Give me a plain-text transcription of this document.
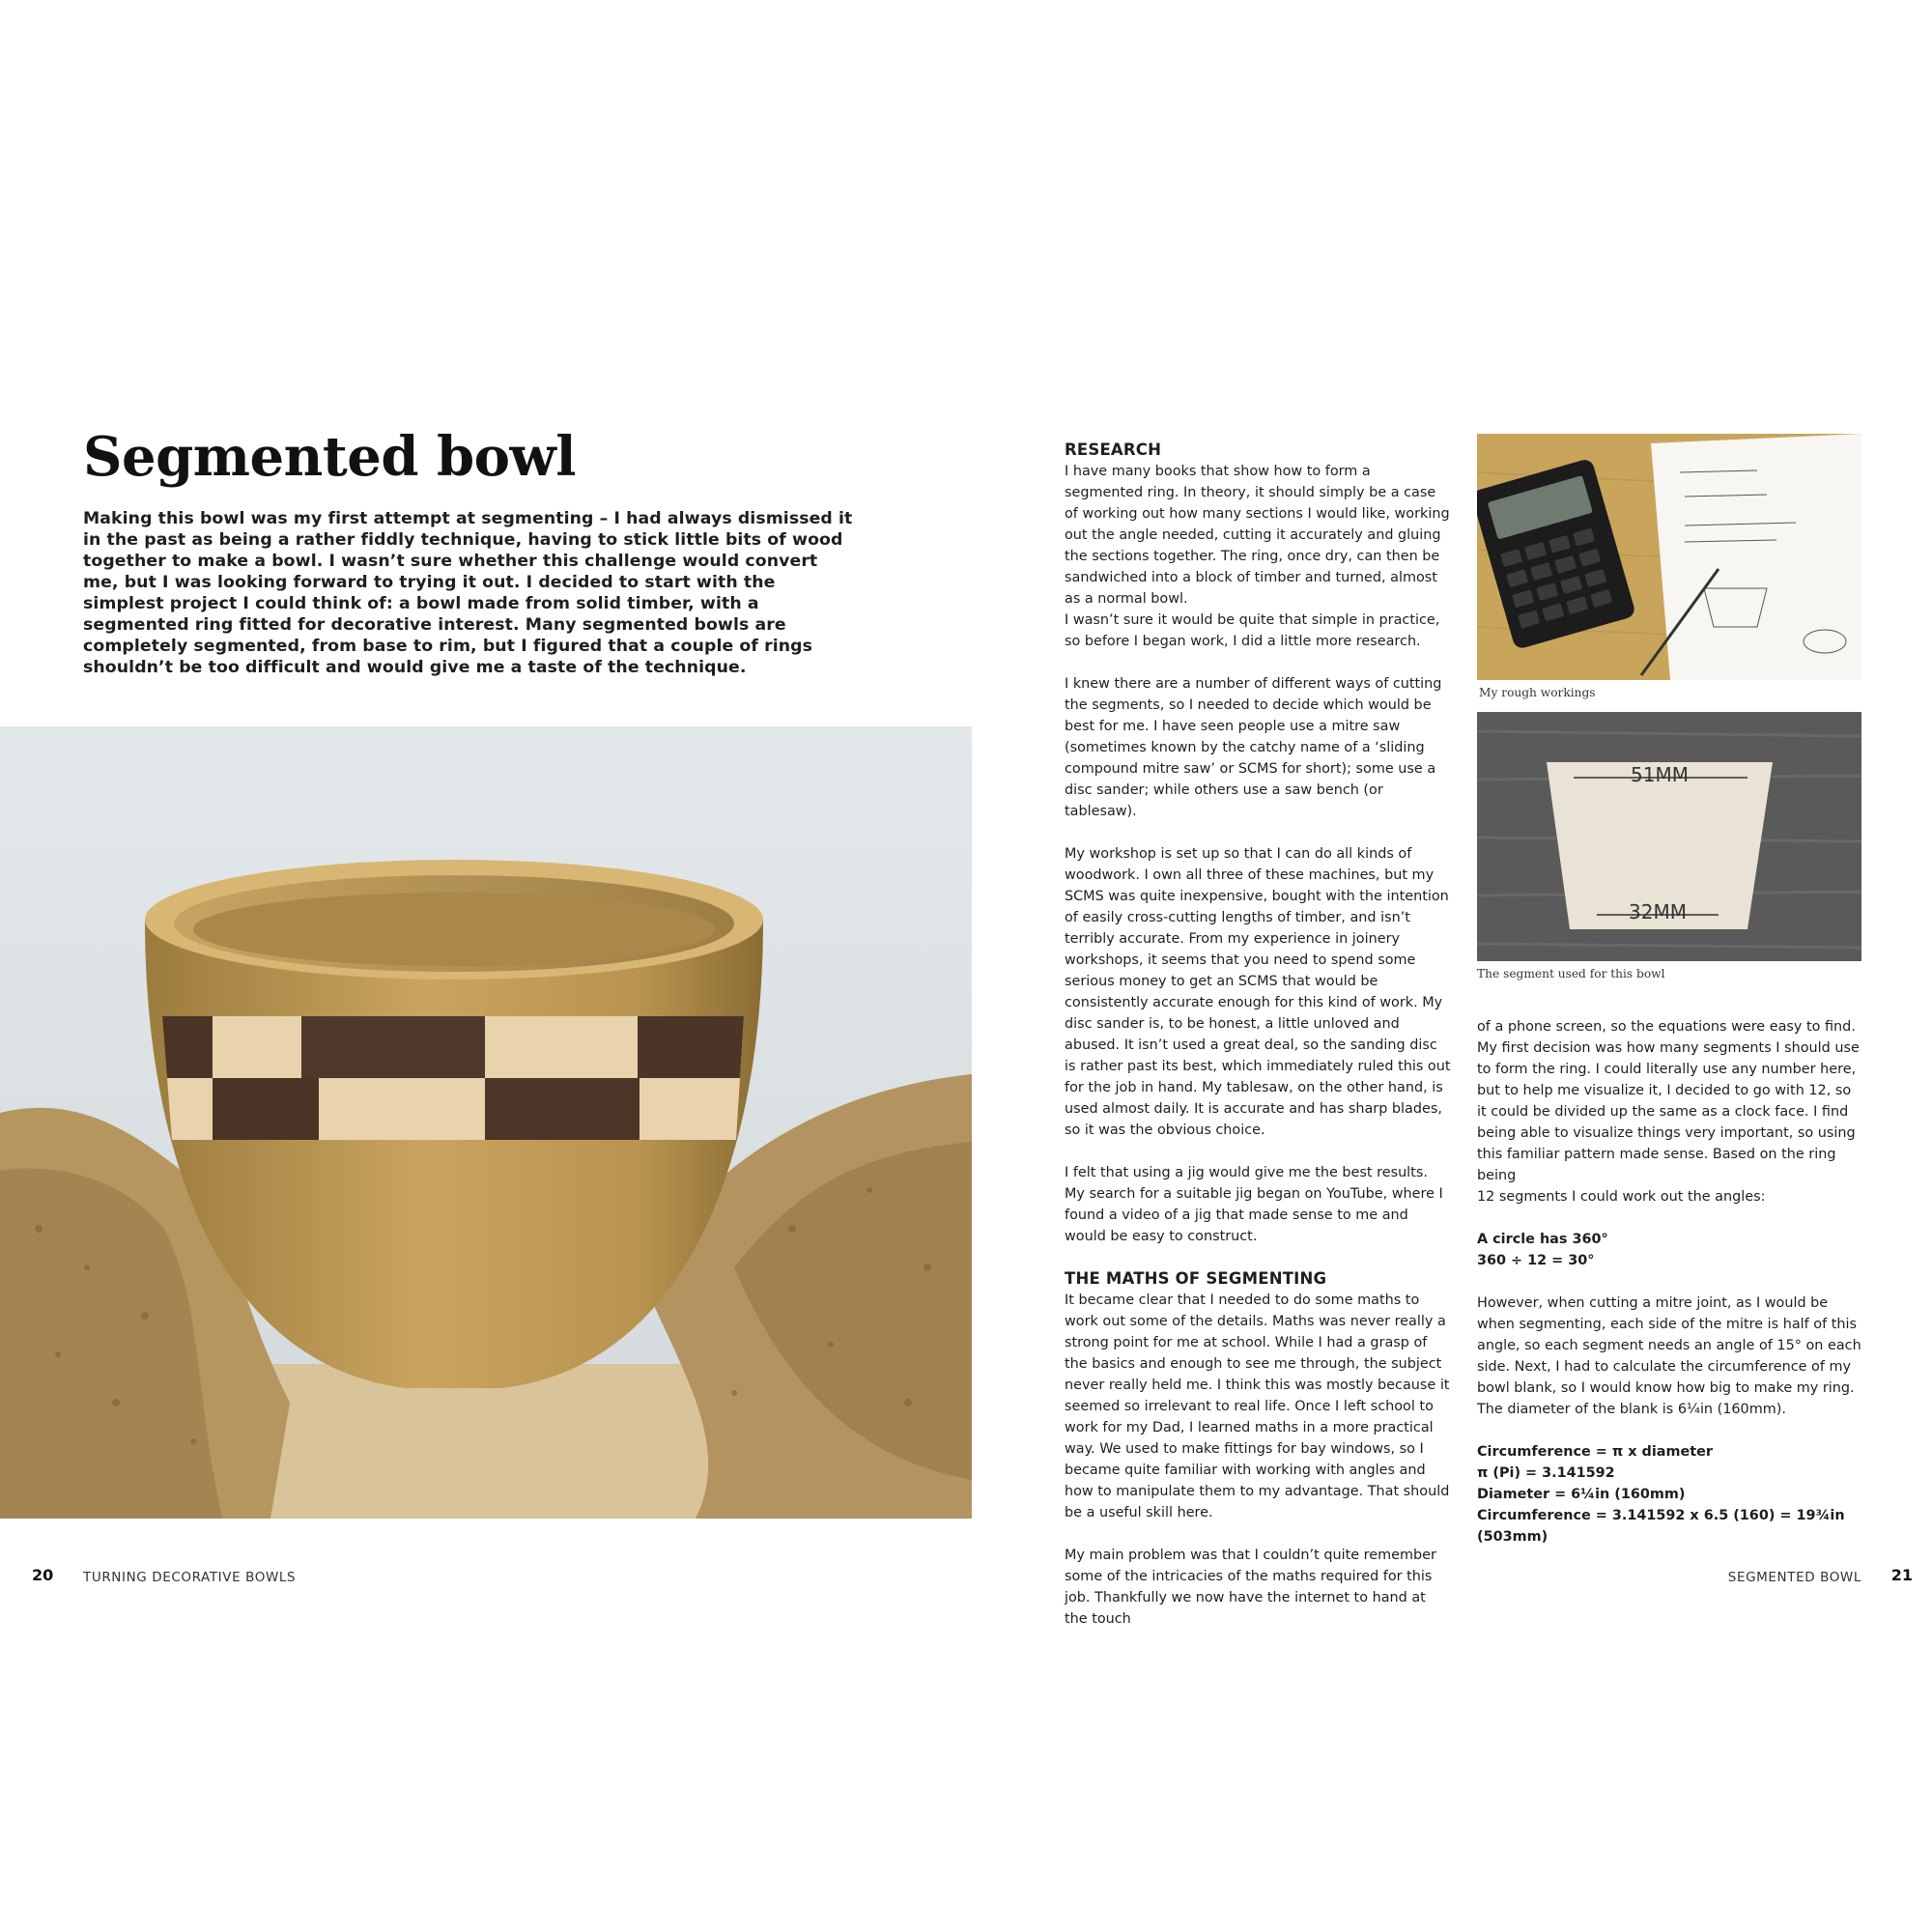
Segmented bowl

Making this bowl was my first attempt at segmenting – I had always dismissed it in the past as being a rather fiddly technique, having to stick little bits of wood together to make a bowl. I wasn’t sure whether this challenge would convert me, but I was looking forward to trying it out. I decided to start with the simplest project I could think of: a bowl made from solid timber, with a segmented ring fitted for decorative interest. Many segmented bowls are completely segmented, from base to rim, but I figured that a couple of rings shouldn’t be too difficult and would give me a taste of the technique.

RESEARCH

I have many books that show how to form a segmented ring. In theory, it should simply be a case of working out how many sections I would like, working out the angle needed, cutting it accurately and gluing the sections together. The ring, once dry, can then be sandwiched into a block of timber and turned, almost as a normal bowl.
I wasn’t sure it would be quite that simple in practice, so before I began work, I did a little more research.

I knew there are a number of different ways of cutting the segments, so I needed to decide which would be best for me. I have seen people use a mitre saw (sometimes known by the catchy name of a ‘sliding compound mitre saw’ or SCMS for short); some use a disc sander; while others use a saw bench (or tablesaw).

My workshop is set up so that I can do all kinds of woodwork. I own all three of these machines, but my SCMS was quite inexpensive, bought with the intention of easily cross-cutting lengths of timber, and isn’t terribly accurate. From my experience in joinery workshops, it seems that you need to spend some serious money to get an SCMS that would be consistently accurate enough for this kind of work. My disc sander is, to be honest, a little unloved and abused. It isn’t used a great deal, so the sanding disc is rather past its best, which immediately ruled this out for the job in hand. My tablesaw, on the other hand, is used almost daily. It is accurate and has sharp blades, so it was the obvious choice.

I felt that using a jig would give me the best results.
My search for a suitable jig began on YouTube, where I found a video of a jig that made sense to me and would be easy to construct.

THE MATHS OF SEGMENTING

It became clear that I needed to do some maths to work out some of the details. Maths was never really a strong point for me at school. While I had a grasp of the basics and enough to see me through, the subject never really held me. I think this was mostly because it seemed so irrelevant to real life. Once I left school to work for my Dad, I learned maths in a more practical way. We used to make fittings for bay windows, so I became quite familiar with working with angles and how to manipulate them to my advantage. That should be a useful skill here.

My main problem was that I couldn’t quite remember some of the intricacies of the maths required for this job. Thankfully we now have the internet to hand at the touch

My rough workings
51MM
32MM
The segment used for this bowl

of a phone screen, so the equations were easy to find. My first decision was how many segments I should use to form the ring. I could literally use any number here, but to help me visualize it, I decided to go with 12, so it could be divided up the same as a clock face. I find being able to visualize things very important, so using this familiar pattern made sense. Based on the ring being
12 segments I could work out the angles:

A circle has 360°
360 ÷ 12 = 30°

However, when cutting a mitre joint, as I would be when segmenting, each side of the mitre is half of this angle, so each segment needs an angle of 15° on each side. Next, I had to calculate the circumference of my bowl blank, so I would know how big to make my ring. The diameter of the blank is 6¼in (160mm).

Circumference = π x diameter
π (Pi) = 3.141592
Diameter = 6¼in (160mm)
Circumference = 3.141592 x 6.5 (160) = 19¾in (503mm)

20 TURNING DECORATIVE BOWLS	SEGMENTED BOWL 21
